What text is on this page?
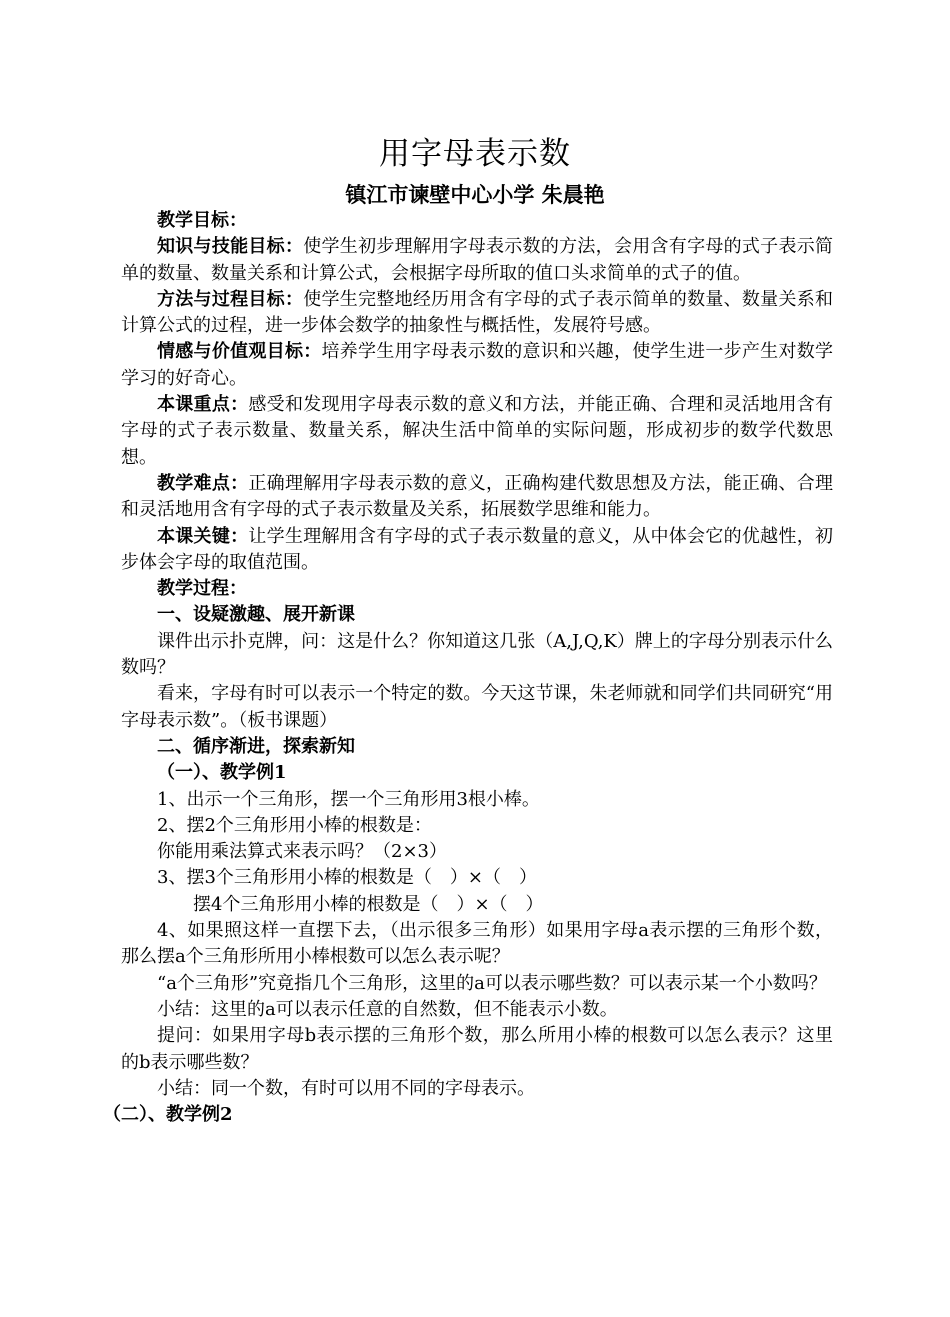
用字母表示数
镇江市谏壁中心小学 朱晨艳

教学目标：

知识与技能目标：使学生初步理解用字母表示数的方法，会用含有字母的式子表示简单的数量、数量关系和计算公式，会根据字母所取的值口头求简单的式子的值。

方法与过程目标：使学生完整地经历用含有字母的式子表示简单的数量、数量关系和计算公式的过程，进一步体会数学的抽象性与概括性，发展符号感。

情感与价值观目标：培养学生用字母表示数的意识和兴趣，使学生进一步产生对数学学习的好奇心。

本课重点：感受和发现用字母表示数的意义和方法，并能正确、合理和灵活地用含有字母的式子表示数量、数量关系，解决生活中简单的实际问题，形成初步的数学代数思想。

教学难点：正确理解用字母表示数的意义，正确构建代数思想及方法，能正确、合理和灵活地用含有字母的式子表示数量及关系，拓展数学思维和能力。

本课关键：让学生理解用含有字母的式子表示数量的意义，从中体会它的优越性，初步体会字母的取值范围。

教学过程：

一、设疑激趣、展开新课

课件出示扑克牌，问：这是什么？你知道这几张（A,J,Q,K）牌上的字母分别表示什么数吗？

看来，字母有时可以表示一个特定的数。今天这节课，朱老师就和同学们共同研究“用字母表示数”。（板书课题）

二、循序渐进，探索新知

（一）、教学例1

1、出示一个三角形，摆一个三角形用3根小棒。

2、摆2个三角形用小棒的根数是：

你能用乘法算式来表示吗？（2×3）

3、摆3个三角形用小棒的根数是（　）×（　）

摆4个三角形用小棒的根数是（　）×（　）

4、如果照这样一直摆下去，（出示很多三角形）如果用字母a表示摆的三角形个数，那么摆a个三角形所用小棒根数可以怎么表示呢？

“a个三角形”究竟指几个三角形，这里的a可以表示哪些数？可以表示某一个小数吗？

小结：这里的a可以表示任意的自然数，但不能表示小数。

提问：如果用字母b表示摆的三角形个数，那么所用小棒的根数可以怎么表示？这里的b表示哪些数？

小结：同一个数，有时可以用不同的字母表示。

（二）、教学例2
